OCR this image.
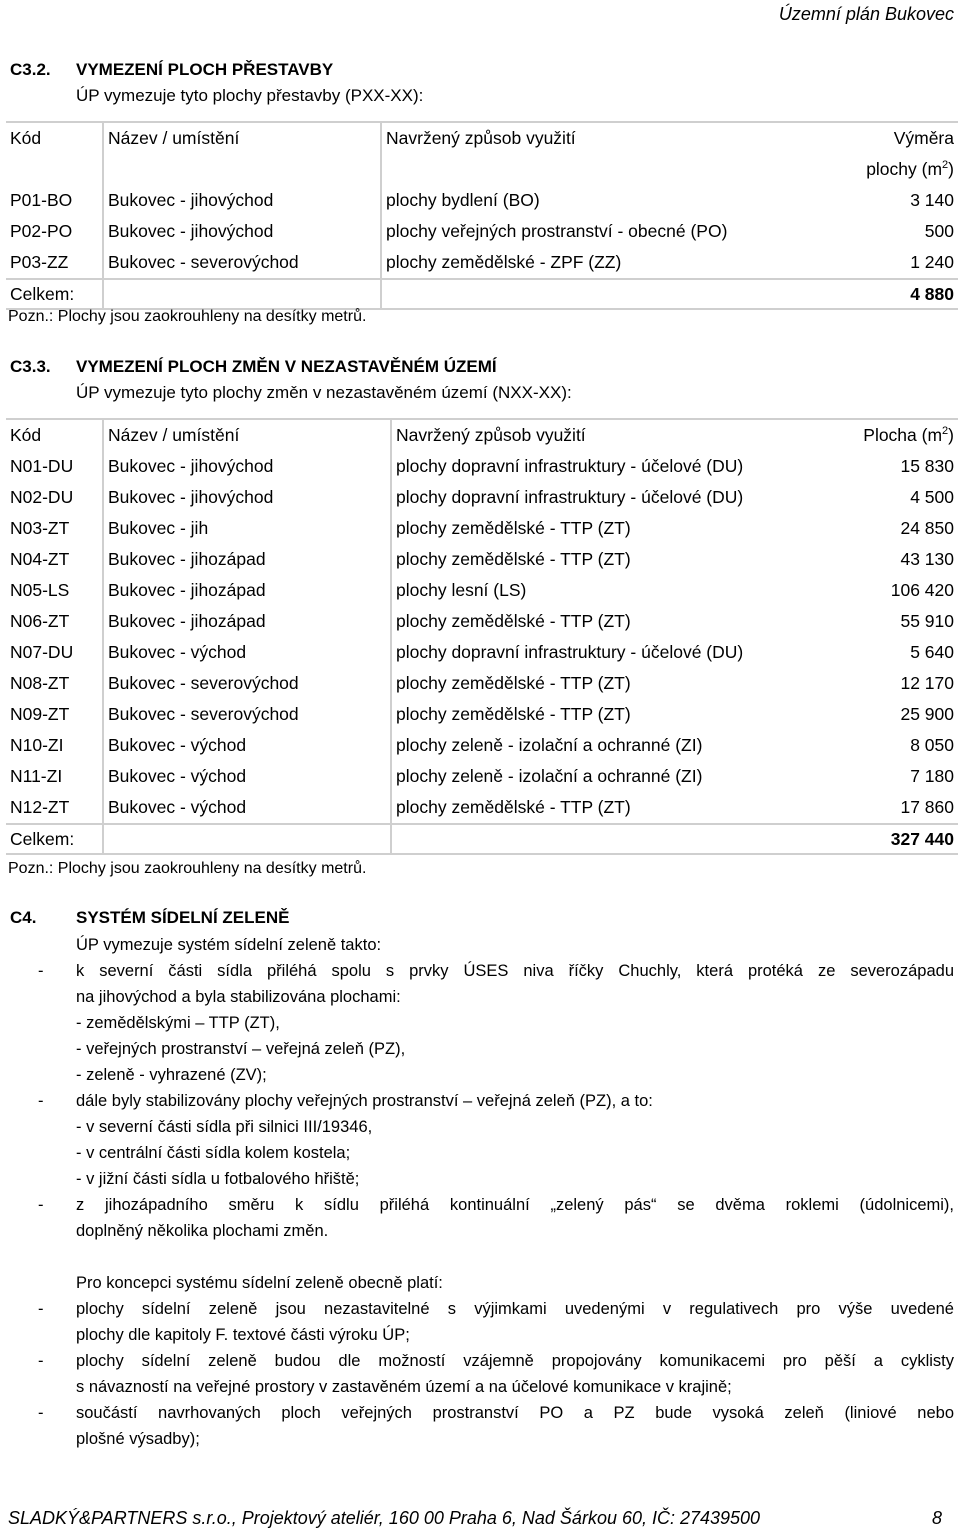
Územní plán Bukovec
C3.2. VYMEZENÍ PLOCH PŘESTAVBY
ÚP vymezuje tyto plochy přestavby (PXX-XX):
Kód	Název / umístění	Navržený způsob využití	Výměra
			plochy $(m^2)$
P01-BO	Bukovec - jihovýchod	plochy bydlení (BO)	3 140
P02-PO	Bukovec - jihovýchod	plochy veřejných prostranství - obecné (PO)	500
P03-ZZ	Bukovec - severovýchod	plochy zemědělské - ZPF (ZZ)	1 240
Celkem:			4 880
Pozn.: Plochy jsou zaokrouhleny na desítky metrů.
C3.3. VYMEZENÍ PLOCH ZMĚN V NEZASTAVĚNÉM ÚZEMÍ
ÚP vymezuje tyto plochy změn v nezastavěném území (NXX-XX):
Kód	Název / umístění	Navržený způsob využití	Plocha $(m^2)$
N01-DU	Bukovec - jihovýchod	plochy dopravní infrastruktury - účelové (DU)	15 830
N02-DU	Bukovec - jihovýchod	plochy dopravní infrastruktury - účelové (DU)	4 500
N03-ZT	Bukovec - jih	plochy zemědělské - TTP (ZT)	24 850
N04-ZT	Bukovec - jihozápad	plochy zemědělské - TTP (ZT)	43 130
N05-LS	Bukovec - jihozápad	plochy lesní (LS)	106 420
N06-ZT	Bukovec - jihozápad	plochy zemědělské - TTP (ZT)	55 910
N07-DU	Bukovec - východ	plochy dopravní infrastruktury - účelové (DU)	5 640
N08-ZT	Bukovec - severovýchod	plochy zemědělské - TTP (ZT)	12 170
N09-ZT	Bukovec - severovýchod	plochy zemědělské - TTP (ZT)	25 900
N10-ZI	Bukovec - východ	plochy zeleně - izolační a ochranné (ZI)	8 050
N11-ZI	Bukovec - východ	plochy zeleně - izolační a ochranné (ZI)	7 180
N12-ZT	Bukovec - východ	plochy zemědělské - TTP (ZT)	17 860
Celkem:			327 440
Pozn.: Plochy jsou zaokrouhleny na desítky metrů.
C4. SYSTÉM SÍDELNÍ ZELENĚ
ÚP vymezuje systém sídelní zeleně takto:
- k severní části sídla přiléhá spolu s prvky ÚSES niva říčky Chuchly, která protéká ze severozápadu
na jihovýchod a byla stabilizována plochami:
- zemědělskými – TTP (ZT),
- veřejných prostranství – veřejná zeleň (PZ),
- zeleně - vyhrazené (ZV);
- dále byly stabilizovány plochy veřejných prostranství – veřejná zeleň (PZ), a to:
- v severní části sídla při silnici III/19346,
- v centrální části sídla kolem kostela;
- v jižní části sídla u fotbalového hřiště;
- z jihozápadního směru k sídlu přiléhá kontinuální „zelený pás“ se dvěma roklemi (údolnicemi),
doplněný několika plochami změn.
Pro koncepci systému sídelní zeleně obecně platí:
- plochy sídelní zeleně jsou nezastavitelné s výjimkami uvedenými v regulativech pro výše uvedené
plochy dle kapitoly F. textové části výroku ÚP;
- plochy sídelní zeleně budou dle možností vzájemně propojovány komunikacemi pro pěší a cyklisty
s návazností na veřejné prostory v zastavěném území a na účelové komunikace v krajině;
- součástí navrhovaných ploch veřejných prostranství PO a PZ bude vysoká zeleň (liniové nebo
plošné výsadby);
SLADKÝ&PARTNERS s.r.o., Projektový ateliér, 160 00 Praha 6, Nad Šárkou 60, IČ: 27439500	8
